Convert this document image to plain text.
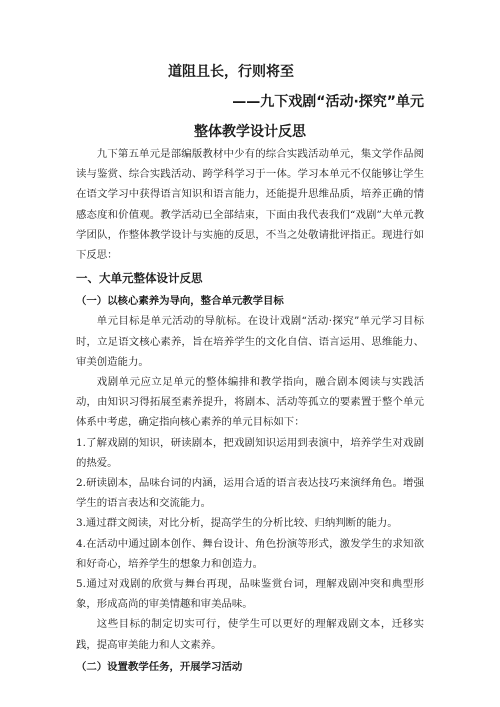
道阻且长，行则将至
——九下戏剧“活动·探究”单元
整体教学设计反思

九下第五单元是部编版教材中少有的综合实践活动单元，集文学作品阅读与鉴赏、综合实践活动、跨学科学习于一体。学习本单元不仅能够让学生在语文学习中获得语言知识和语言能力，还能提升思维品质，培养正确的情感态度和价值观。教学活动已全部结束，下面由我代表我们“戏剧”大单元教学团队，作整体教学设计与实施的反思，不当之处敬请批评指正。现进行如下反思：

一、大单元整体设计反思
（一）以核心素养为导向，整合单元教学目标

单元目标是单元活动的导航标。在设计戏剧“活动·探究”单元学习目标时，立足语文核心素养，旨在培养学生的文化自信、语言运用、思维能力、审美创造能力。

戏剧单元应立足单元的整体编排和教学指向，融合剧本阅读与实践活动，由知识习得拓展至素养提升，将剧本、活动等孤立的要素置于整个单元体系中考虑，确定指向核心素养的单元目标如下：

1.了解戏剧的知识，研读剧本，把戏剧知识运用到表演中，培养学生对戏剧的热爱。

2.研读剧本，品味台词的内涵，运用合适的语言表达技巧来演绎角色。增强学生的语言表达和交流能力。

3.通过群文阅读，对比分析，提高学生的分析比较、归纳判断的能力。

4.在活动中通过剧本创作、舞台设计、角色扮演等形式，激发学生的求知欲和好奇心，培养学生的想象力和创造力。

5.通过对戏剧的欣赏与舞台再现，品味鉴赏台词，理解戏剧冲突和典型形象，形成高尚的审美情趣和审美品味。

这些目标的制定切实可行，使学生可以更好的理解戏剧文本，迁移实践，提高审美能力和人文素养。

（二）设置教学任务，开展学习活动
